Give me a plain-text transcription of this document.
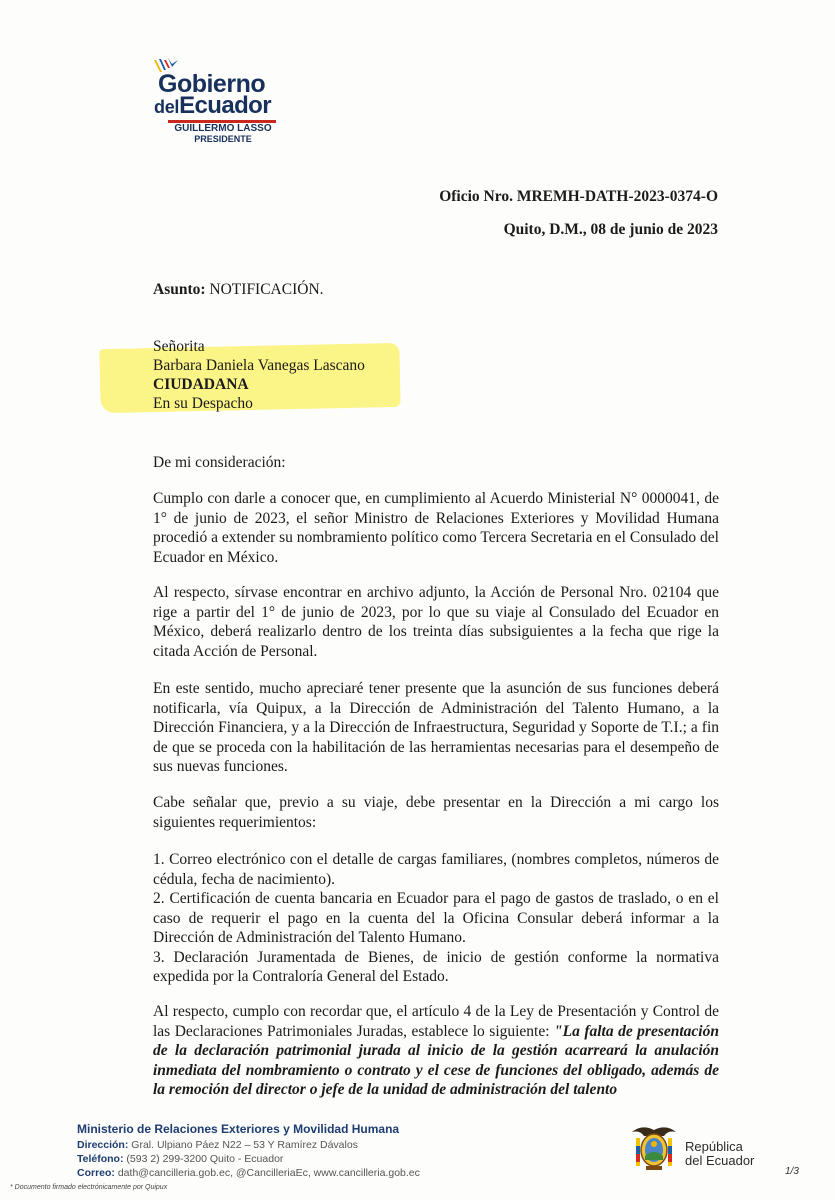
Gobierno
delEcuador
GUILLERMO LASSO
PRESIDENTE
Oficio Nro. MREMH-DATH-2023-0374-O
Quito, D.M., 08 de junio de 2023
Asunto: NOTIFICACIÓN.
Señorita
Barbara Daniela Vanegas Lascano
CIUDADANA
En su Despacho
De mi consideración:
Cumplo con darle a conocer que, en cumplimiento al Acuerdo Ministerial N° 0000041, de 1° de junio de 2023, el señor Ministro de Relaciones Exteriores y Movilidad Humana procedió a extender su nombramiento político como Tercera Secretaria en el Consulado del Ecuador en México.
Al respecto, sírvase encontrar en archivo adjunto, la Acción de Personal Nro. 02104 que rige a partir del 1° de junio de 2023, por lo que su viaje al Consulado del Ecuador en México, deberá realizarlo dentro de los treinta días subsiguientes a la fecha que rige la citada Acción de Personal.
En este sentido, mucho apreciaré tener presente que la asunción de sus funciones deberá notificarla, vía Quipux, a la Dirección de Administración del Talento Humano, a la Dirección Financiera, y a la Dirección de Infraestructura, Seguridad y Soporte de T.I.; a fin de que se proceda con la habilitación de las herramientas necesarias para el desempeño de sus nuevas funciones.
Cabe señalar que, previo a su viaje, debe presentar en la Dirección a mi cargo los siguientes requerimientos:

1. Correo electrónico con el detalle de cargas familiares, (nombres completos, números de cédula, fecha de nacimiento).

2. Certificación de cuenta bancaria en Ecuador para el pago de gastos de traslado, o en el caso de requerir el pago en la cuenta del la Oficina Consular deberá informar a la Dirección de Administración del Talento Humano.

3. Declaración Juramentada de Bienes, de inicio de gestión conforme la normativa expedida por la Contraloría General del Estado.

Al respecto, cumplo con recordar que, el artículo 4 de la Ley de Presentación y Control de las Declaraciones Patrimoniales Juradas, establece lo siguiente: "La falta de presentación de la declaración patrimonial jurada al inicio de la gestión acarreará la anulación inmediata del nombramiento o contrato y el cese de funciones del obligado, además de la remoción del director o jefe de la unidad de administración del talento
Ministerio de Relaciones Exteriores y Movilidad Humana
Dirección: Gral. Ulpiano Páez N22 – 53 Y Ramírez Dávalos
Teléfono: (593 2) 299-3200 Quito - Ecuador
Correo: dath@cancilleria.gob.ec, @CancilleriaEc, www.cancilleria.gob.ec
* Documento firmado electrónicamente por Quipux
República
del Ecuador
1/3
